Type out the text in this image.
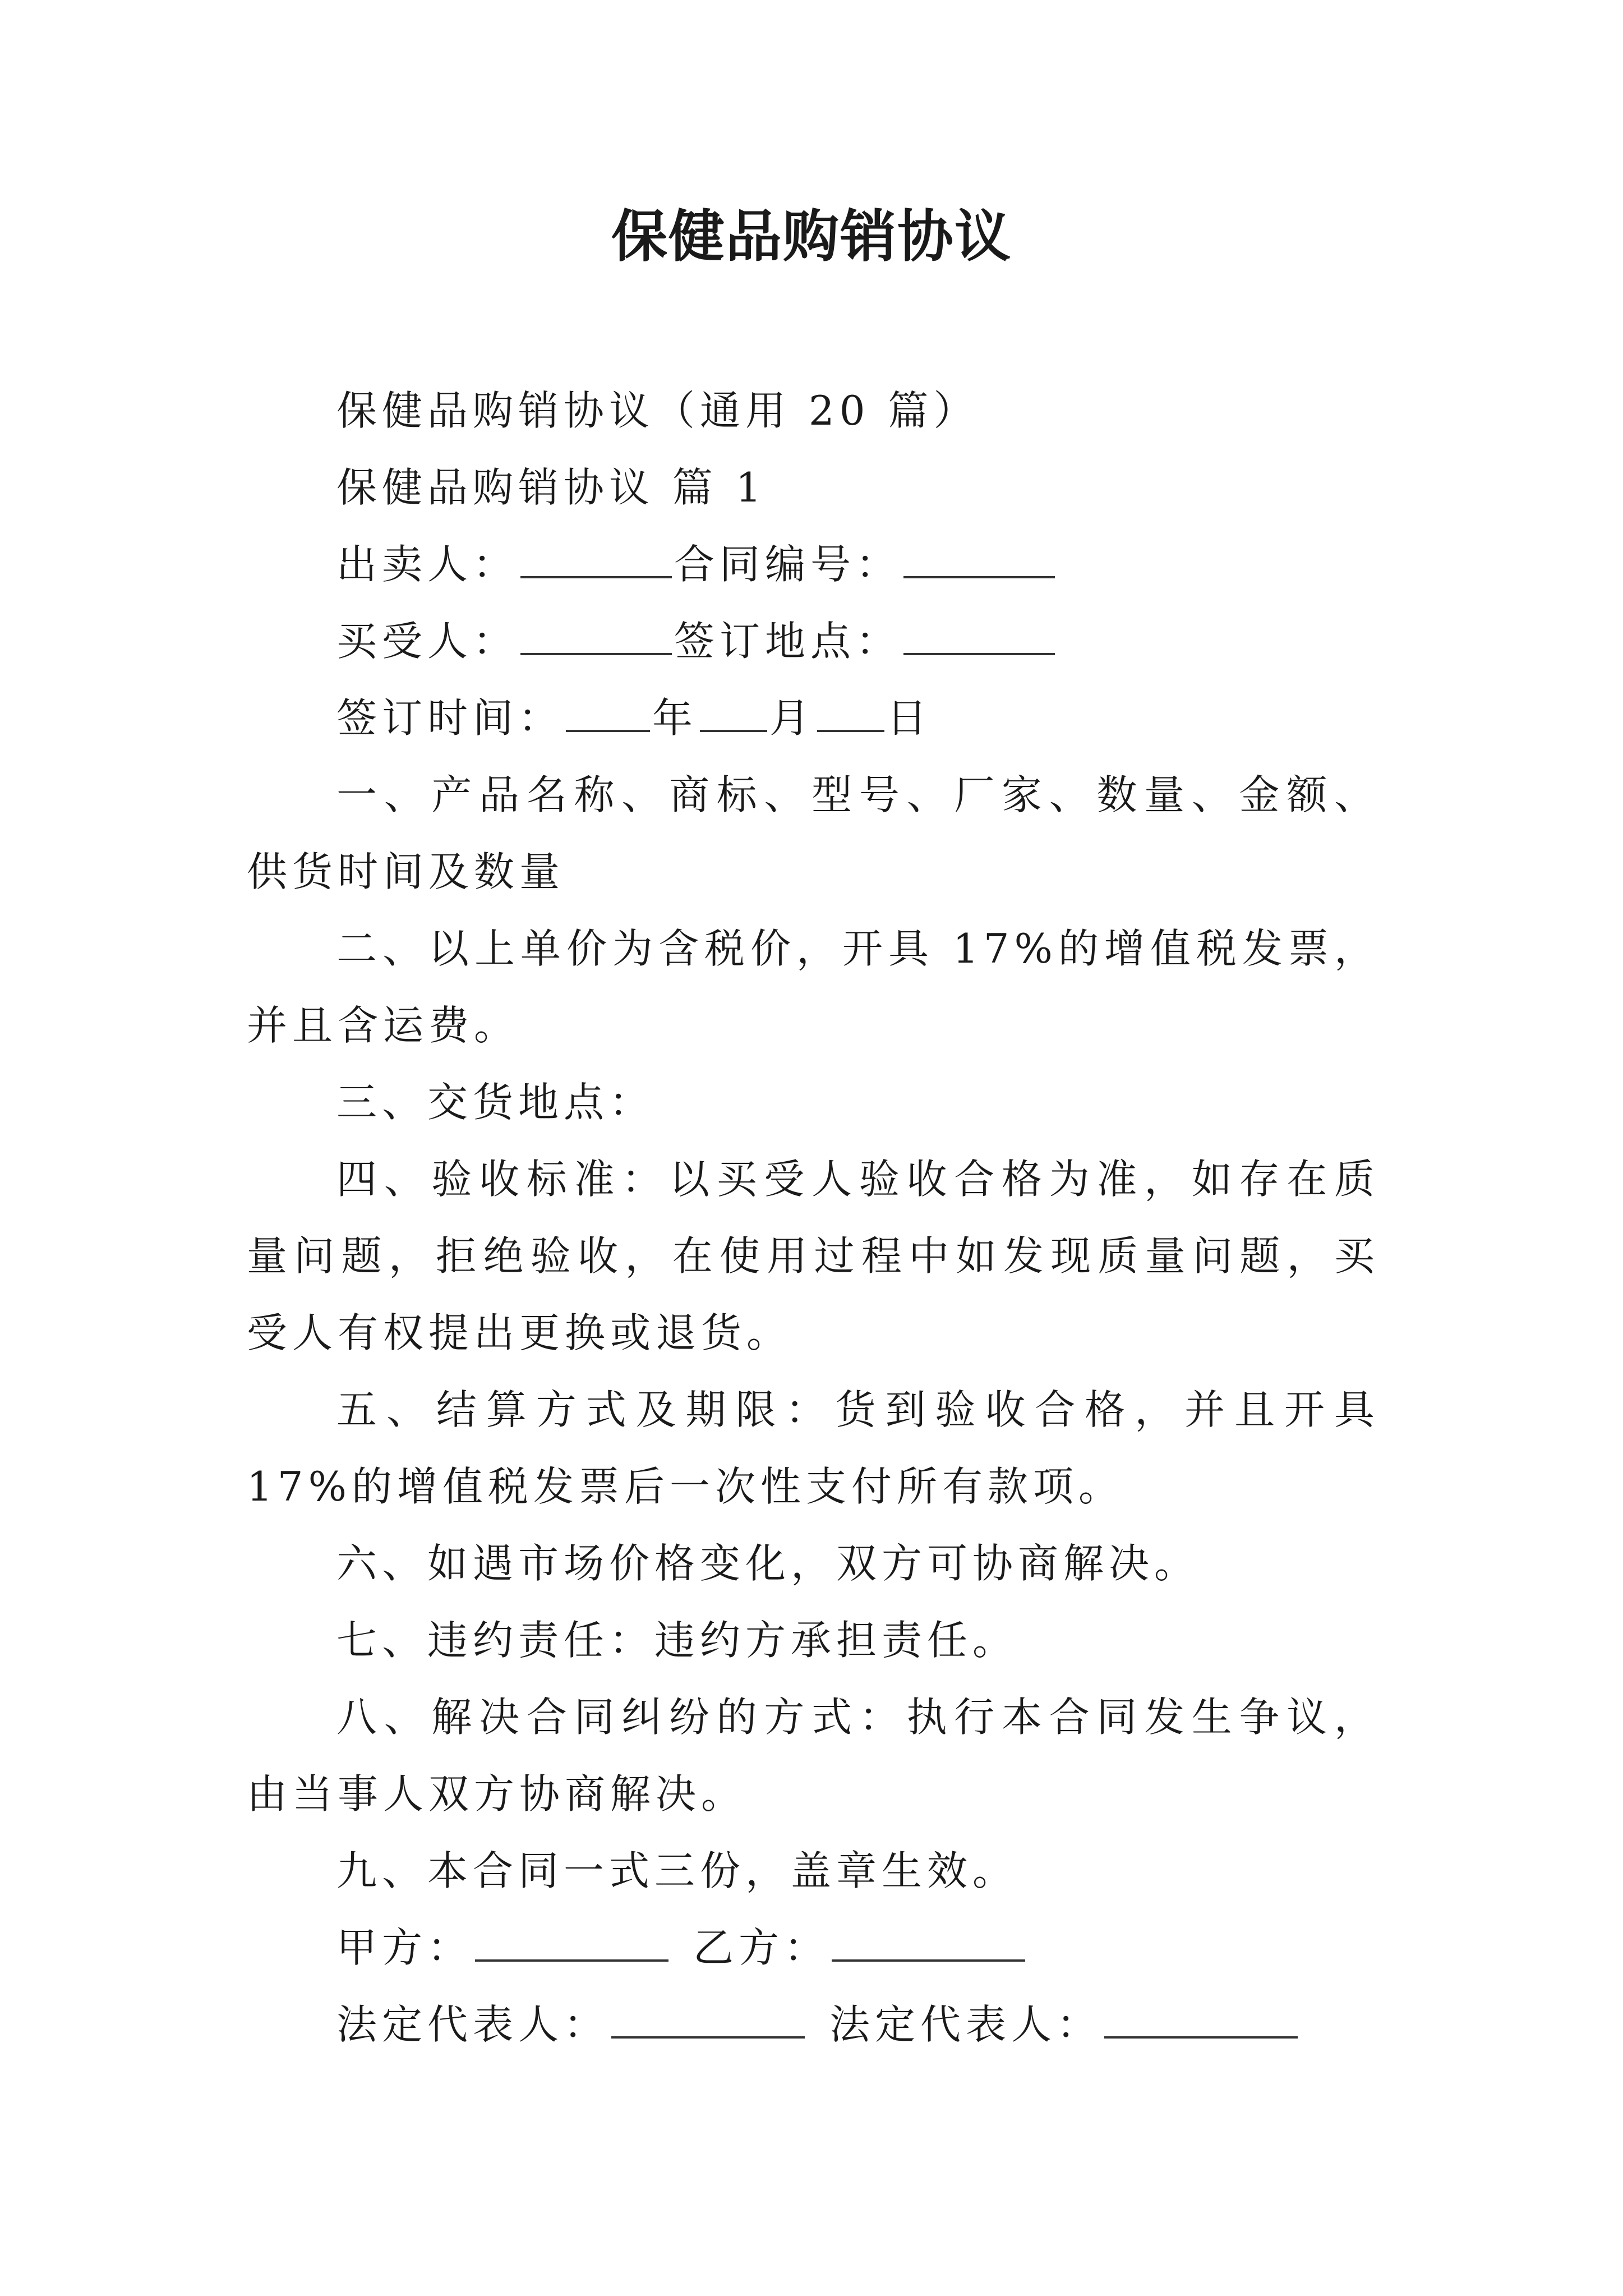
保健品购销协议

保健品购销协议（通用 20 篇）

保健品购销协议 篇 1

出卖人：	合同编号：

买受人：	签订地点：

签订时间： 年 月 日

一、产品名称、商标、型号、厂家、数量、金额、供货时间及数量

二、以上单价为含税价，开具 17%的增值税发票，并且含运费。

三、交货地点：

四、验收标准：以买受人验收合格为准，如存在质量问题，拒绝验收，在使用过程中如发现质量问题，买受人有权提出更换或退货。

五、结算方式及期限：货到验收合格，并且开具 17%的增值税发票后一次性支付所有款项。

六、如遇市场价格变化，双方可协商解决。

七、违约责任：违约方承担责任。

八、解决合同纠纷的方式：执行本合同发生争议，由当事人双方协商解决。

九、本合同一式三份，盖章生效。

甲方：	乙方：

法定代表人：	法定代表人：
